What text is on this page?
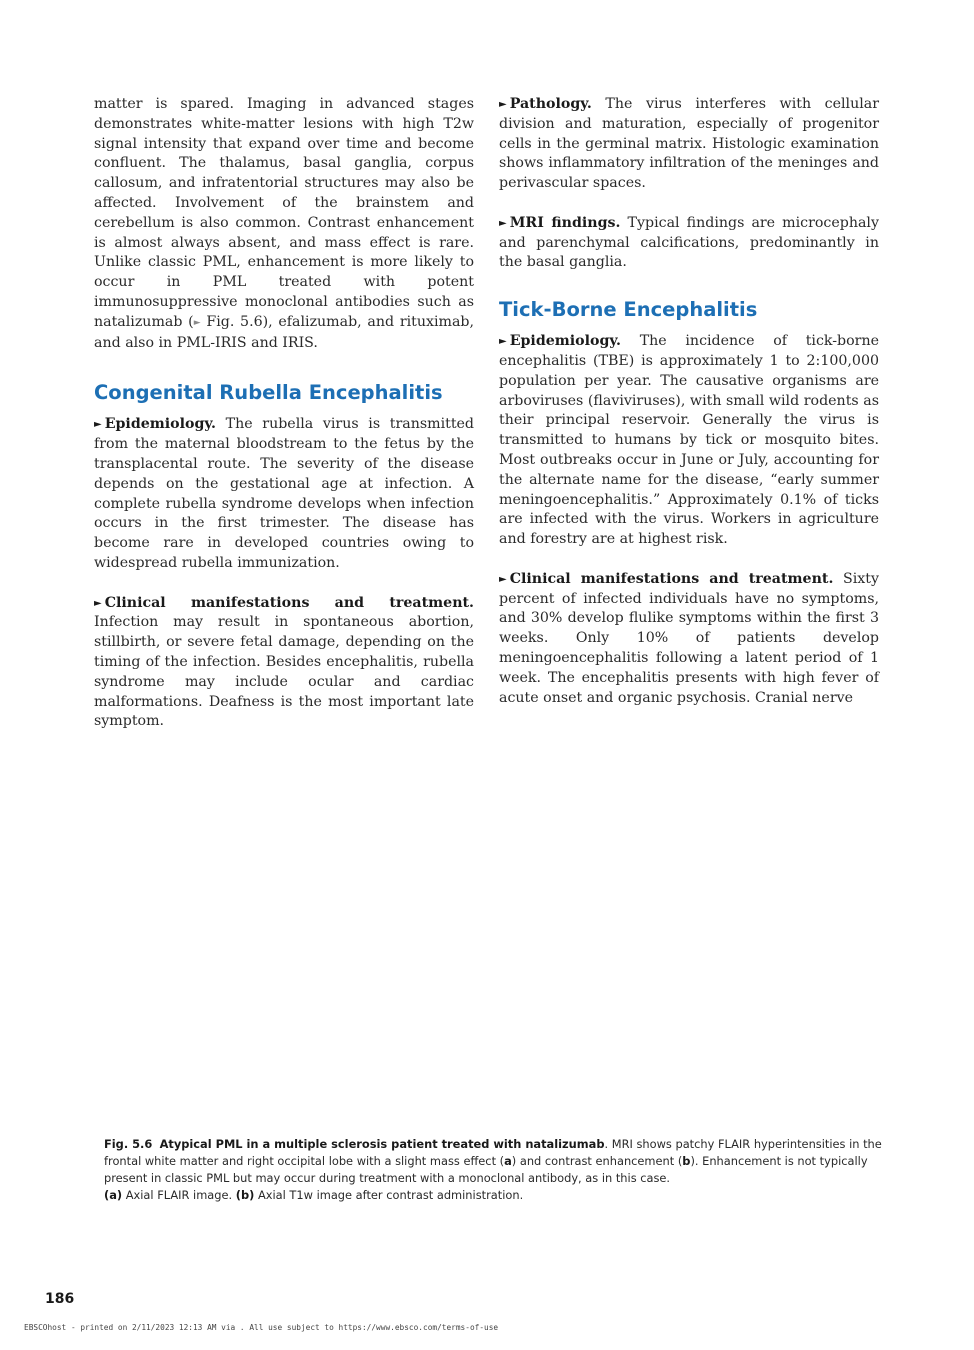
matter is spared. Imaging in advanced stages demonstrates white-matter lesions with high T2w signal intensity that expand over time and become confluent. The thalamus, basal ganglia, corpus callosum, and infratentorial structures may also be affected. Involvement of the brainstem and cerebellum is also common. Contrast enhancement is almost always absent, and mass effect is rare. Unlike classic PML, enhancement is more likely to occur in PML treated with potent immunosuppressive monoclonal antibodies such as natalizumab (► Fig. 5.6), efalizumab, and rituximab, and also in PML-IRIS and IRIS.

Congenital Rubella Encephalitis

► Epidemiology. The rubella virus is transmitted from the maternal bloodstream to the fetus by the transplacental route. The severity of the disease depends on the gestational age at infection. A complete rubella syndrome develops when infection occurs in the first trimester. The disease has become rare in developed countries owing to widespread rubella immunization.

► Clinical manifestations and treatment. Infection may result in spontaneous abortion, stillbirth, or severe fetal damage, depending on the timing of the infection. Besides encephalitis, rubella syndrome may include ocular and cardiac malformations. Deafness is the most important late symptom.

► Pathology. The virus interferes with cellular division and maturation, especially of progenitor cells in the germinal matrix. Histologic examination shows inflammatory infiltration of the meninges and perivascular spaces.

► MRI findings. Typical findings are microcephaly and parenchymal calcifications, predominantly in the basal ganglia.

Tick-Borne Encephalitis

► Epidemiology. The incidence of tick-borne encephalitis (TBE) is approximately 1 to 2:100,000 population per year. The causative organisms are arboviruses (flaviviruses), with small wild rodents as their principal reservoir. Generally the virus is transmitted to humans by tick or mosquito bites. Most outbreaks occur in June or July, accounting for the alternate name for the disease, “early summer meningoencephalitis.” Approximately 0.1% of ticks are infected with the virus. Workers in agriculture and forestry are at highest risk.

► Clinical manifestations and treatment. Sixty percent of infected individuals have no symptoms, and 30% develop flulike symptoms within the first 3 weeks. Only 10% of patients develop meningoencephalitis following a latent period of 1 week. The encephalitis presents with high fever of acute onset and organic psychosis. Cranial nerve

Fig. 5.6 Atypical PML in a multiple sclerosis patient treated with natalizumab. MRI shows patchy FLAIR hyperintensities in the frontal white matter and right occipital lobe with a slight mass effect (a) and contrast enhancement (b). Enhancement is not typically present in classic PML but may occur during treatment with a monoclonal antibody, as in this case.
(a) Axial FLAIR image. (b) Axial T1w image after contrast administration.

186
EBSCOhost - printed on 2/11/2023 12:13 AM via . All use subject to https://www.ebsco.com/terms-of-use
